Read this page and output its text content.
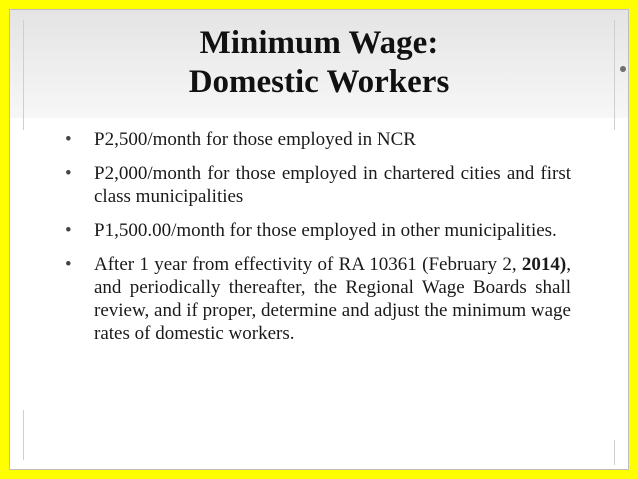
Minimum Wage:
Domestic Workers
• P2,500/month for those employed in NCR
• P2,000/month for those employed in chartered cities and first class municipalities
• P1,500.00/month for those employed in other municipalities.
• After 1 year from effectivity of RA 10361 (February 2, 2014), and periodically thereafter, the Regional Wage Boards shall review, and if proper, determine and adjust the minimum wage rates of domestic workers.
